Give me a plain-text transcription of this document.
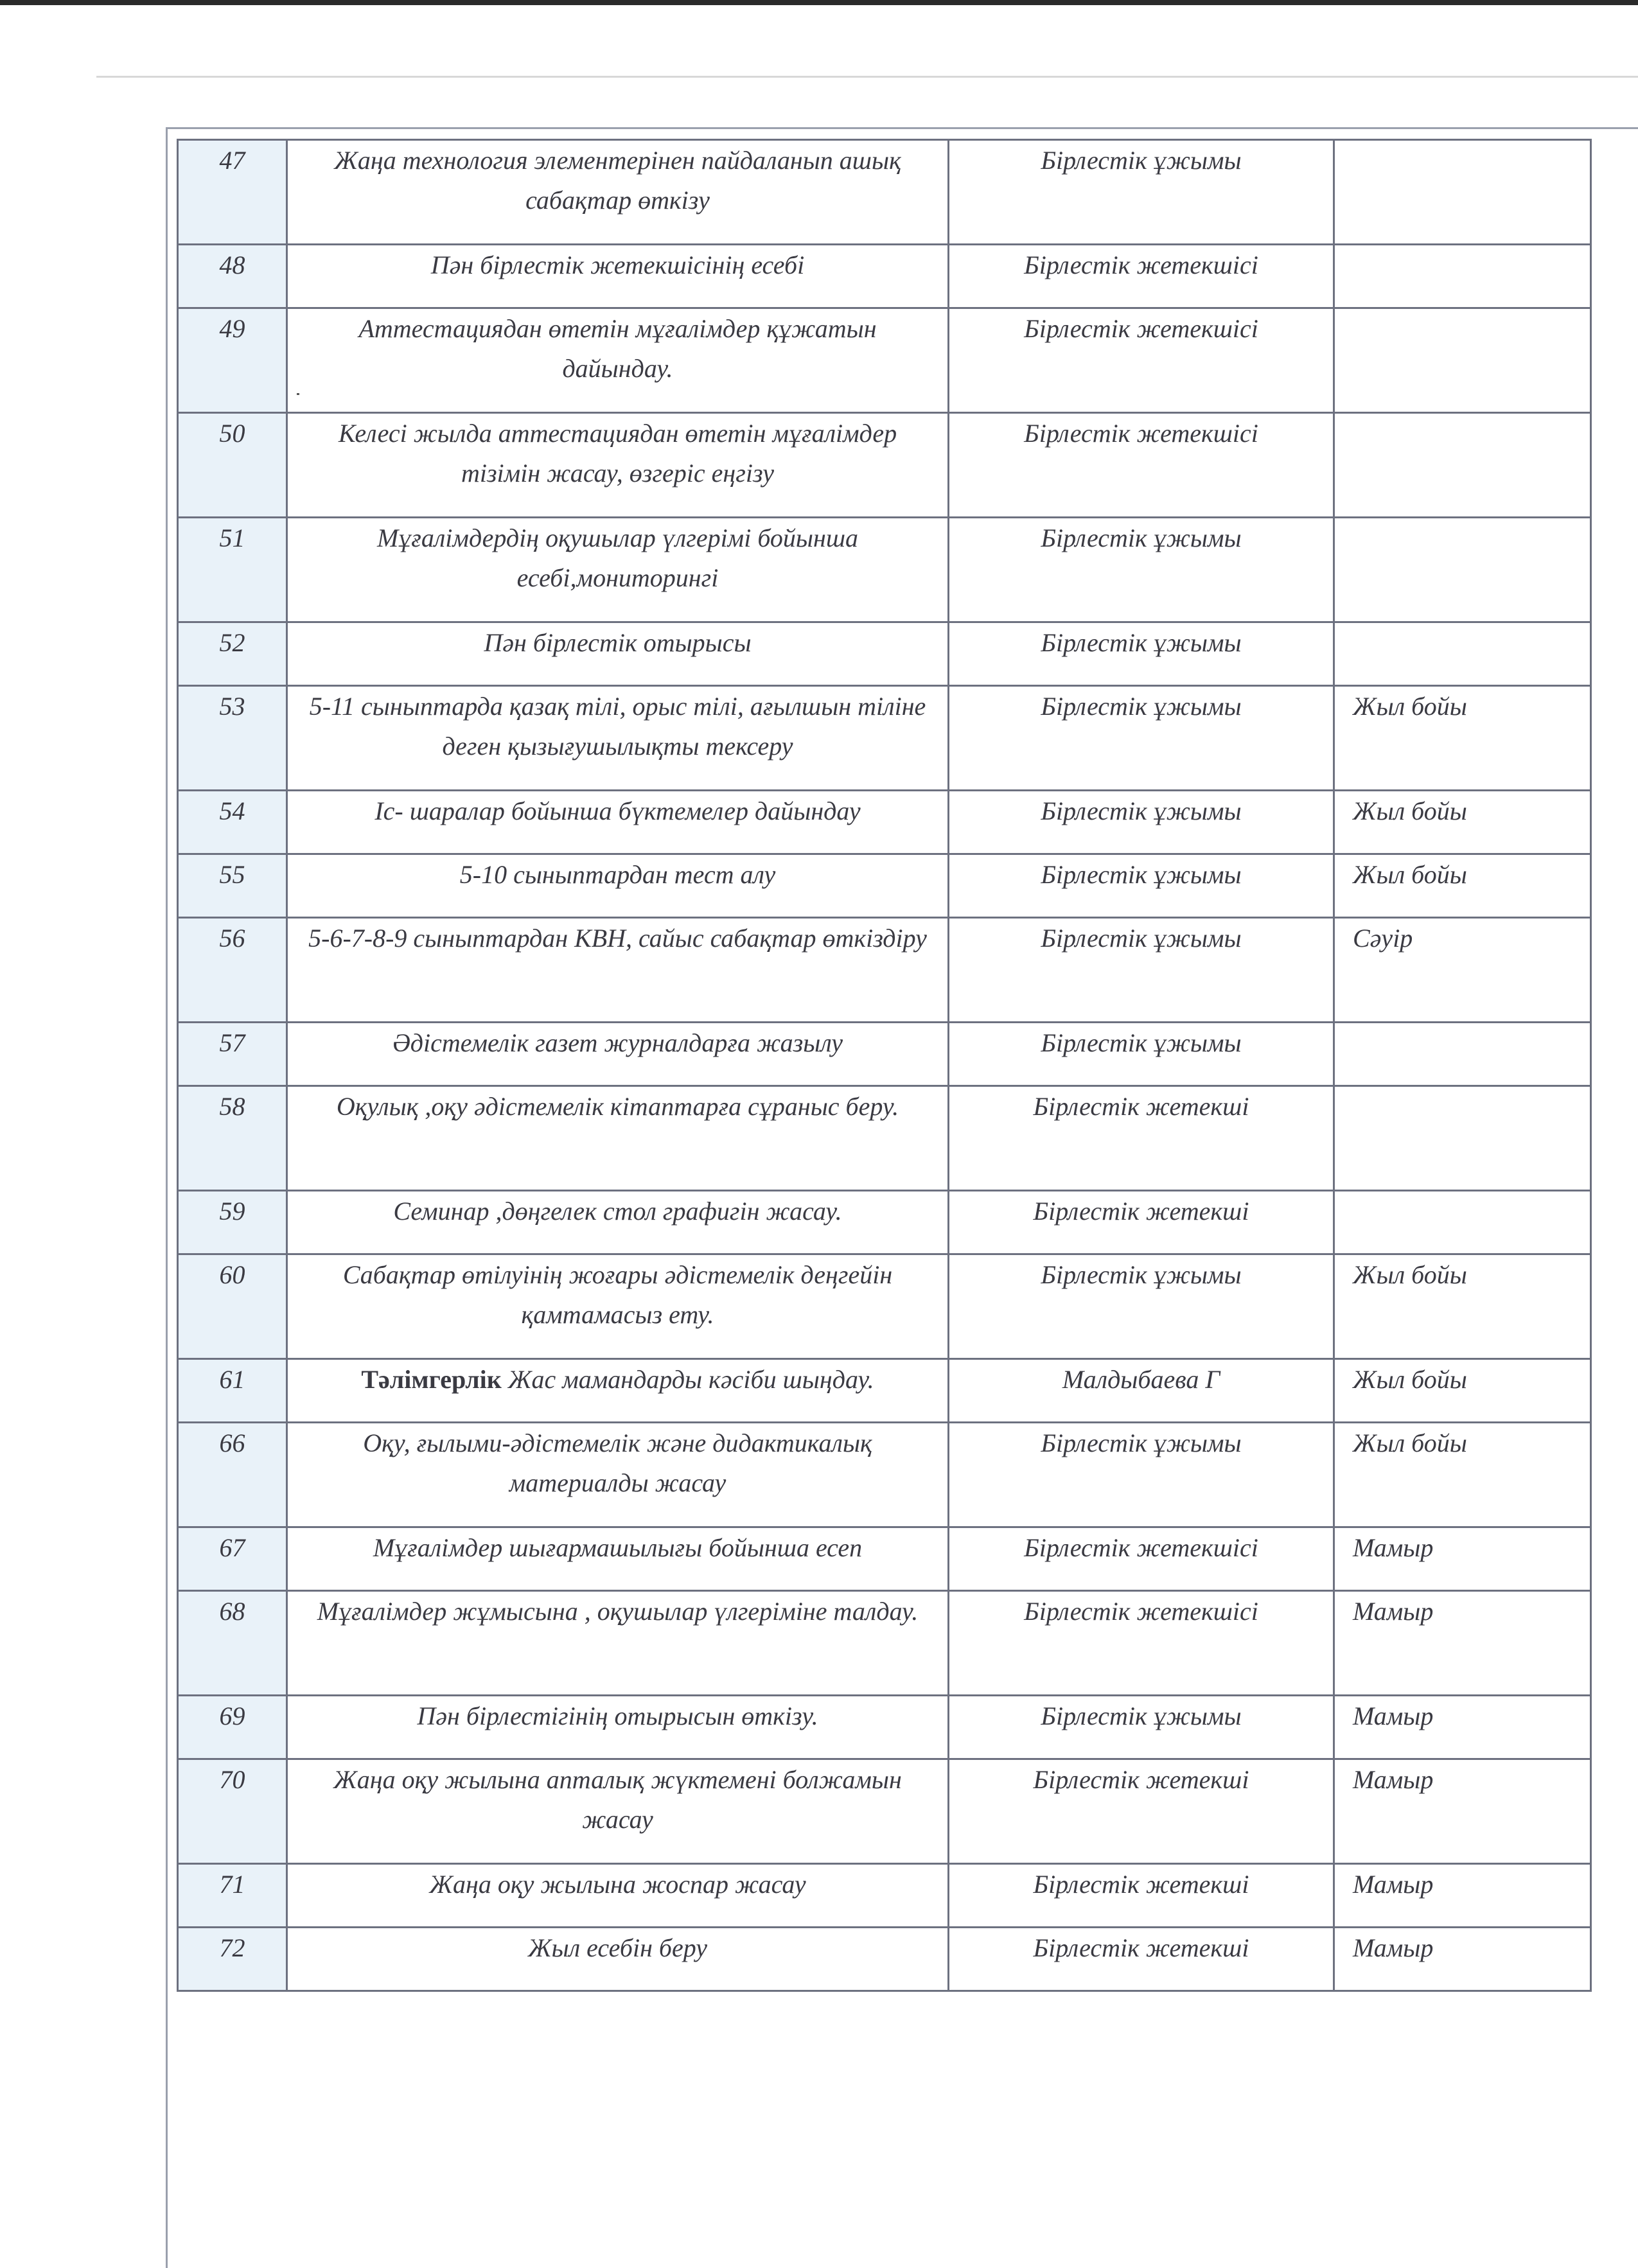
47	Жаңа технология элементерінен пайдаланып ашық сабақтар өткізу	Бірлестік ұжымы	
48	Пән бірлестік жетекшісінің есебі	Бірлестік жетекшісі	
49	Аттестациядан өтетін мұғалімдер құжатын дайындау.	Бірлестік жетекшісі	
50	Келесі жылда аттестациядан өтетін мұғалімдер тізімін жасау, өзгеріс еңгізу	Бірлестік жетекшісі	
51	Мұғалімдердің оқушылар үлгерімі бойынша есебі,мониторингі	Бірлестік ұжымы	
52	Пән бірлестік отырысы	Бірлестік ұжымы	
53	5-11 сыныптарда қазақ тілі, орыс тілі, ағылшын тіліне деген қызығушылықты тексеру	Бірлестік ұжымы	Жыл бойы
54	Іс- шаралар бойынша бүктемелер дайындау	Бірлестік ұжымы	Жыл бойы
55	5-10 сыныптардан тест алу	Бірлестік ұжымы	Жыл бойы
56	5-6-7-8-9 сыныптардан КВН, сайыс сабақтар өткіздіру	Бірлестік ұжымы	Сәуір
57	Әдістемелік газет журналдарға жазылу	Бірлестік ұжымы	
58	Оқулық ,оқу әдістемелік кітаптарға сұраныс беру.	Бірлестік жетекші	
59	Семинар ,дөңгелек стол графигін жасау.	Бірлестік жетекші	
60	Сабақтар өтілуінің жоғары әдістемелік деңгейін қамтамасыз ету.	Бірлестік ұжымы	Жыл бойы
61	Тәлімгерлік Жас мамандарды кәсіби шыңдау.	Малдыбаева Г	Жыл бойы
66	Оқу, ғылыми-әдістемелік және дидактикалық материалды жасау	Бірлестік ұжымы	Жыл бойы
67	Мұғалімдер шығармашылығы бойынша есеп	Бірлестік жетекшісі	Мамыр
68	Мұғалімдер жұмысына , оқушылар үлгеріміне талдау.	Бірлестік жетекшісі	Мамыр
69	Пән бірлестігінің отырысын өткізу.	Бірлестік ұжымы	Мамыр
70	Жаңа оқу жылына апталық жүктемені болжамын жасау	Бірлестік жетекші	Мамыр
71	Жаңа оқу жылына жоспар жасау	Бірлестік жетекші	Мамыр
72	Жыл есебін беру	Бірлестік жетекші	Мамыр
